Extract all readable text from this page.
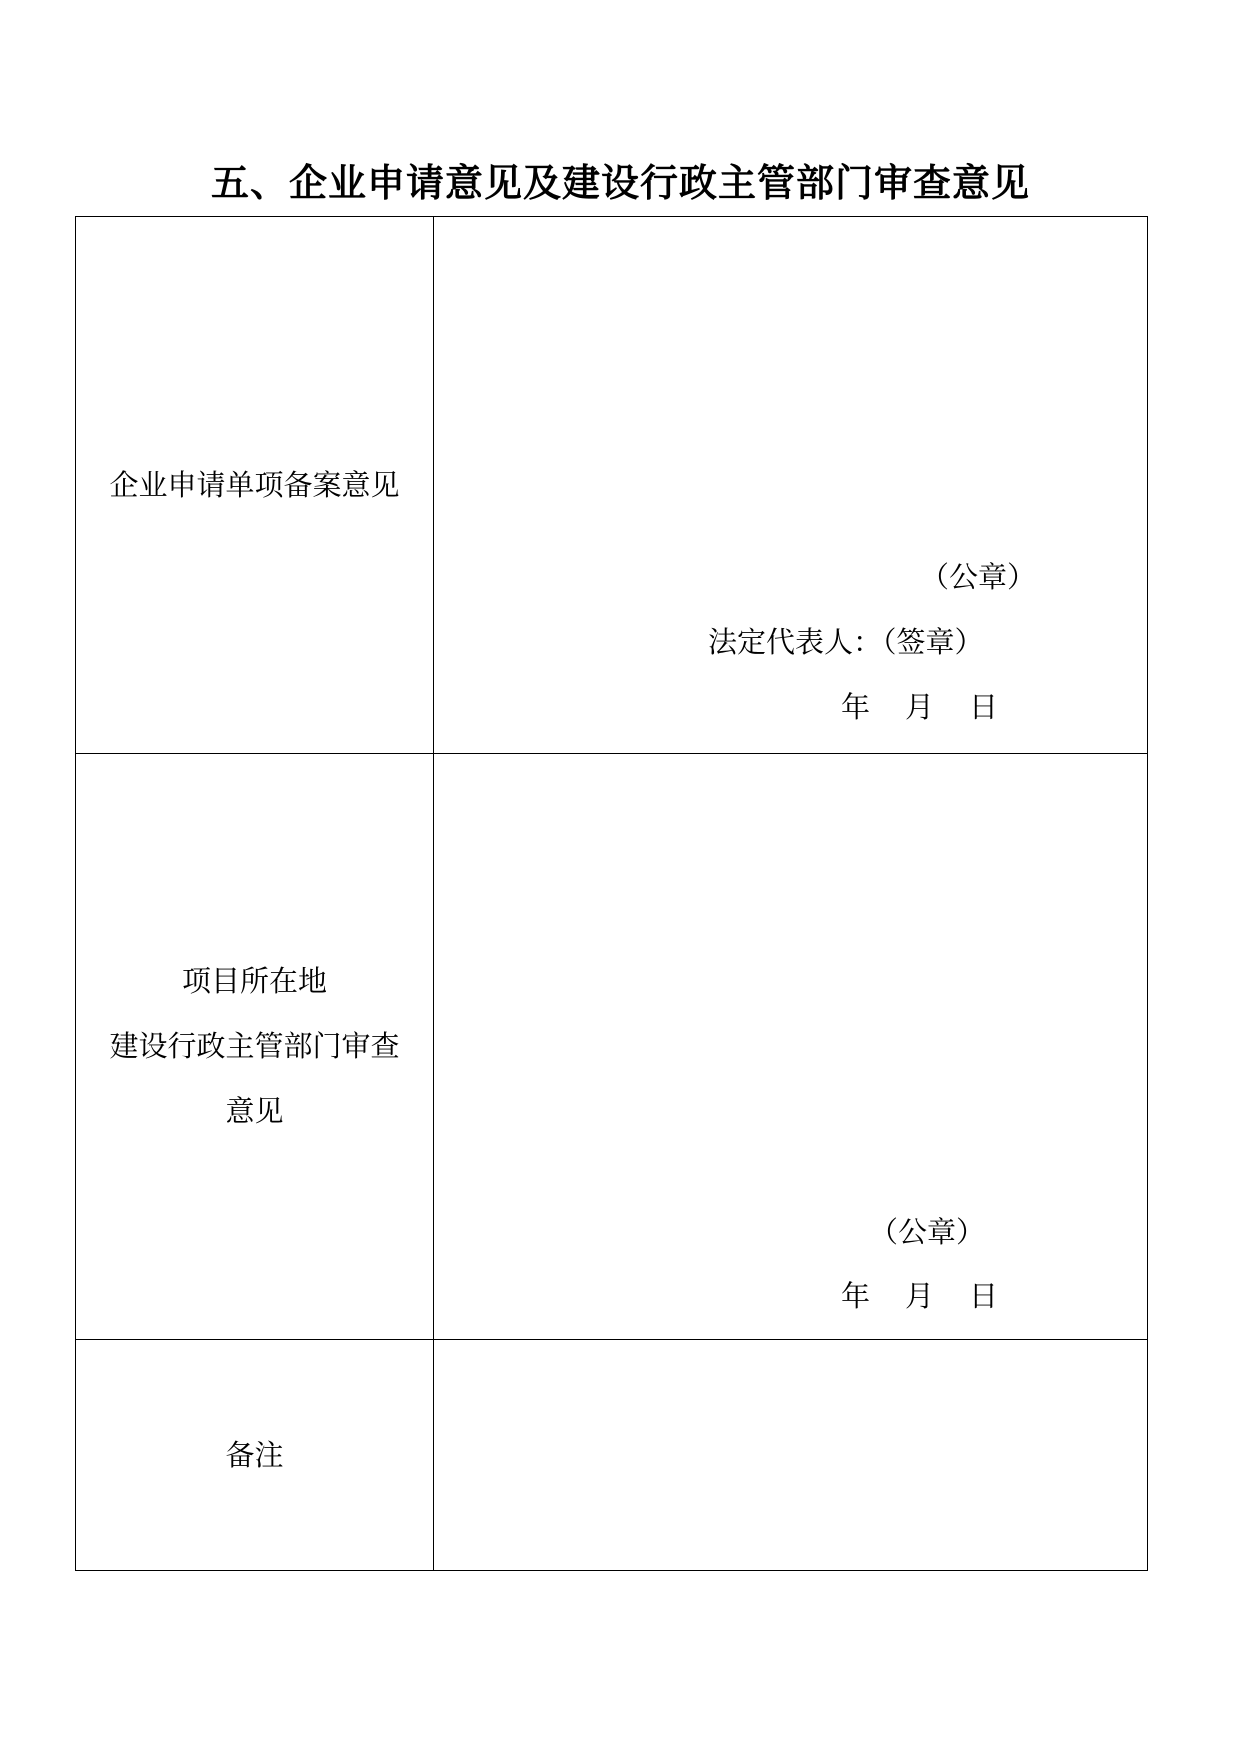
五、企业申请意见及建设行政主管部门审查意见
企业申请单项备案意见
（公章）
法定代表人：（签章）
年 月 日
项目所在地
建设行政主管部门审查
意见
（公章）
年 月 日
备注
